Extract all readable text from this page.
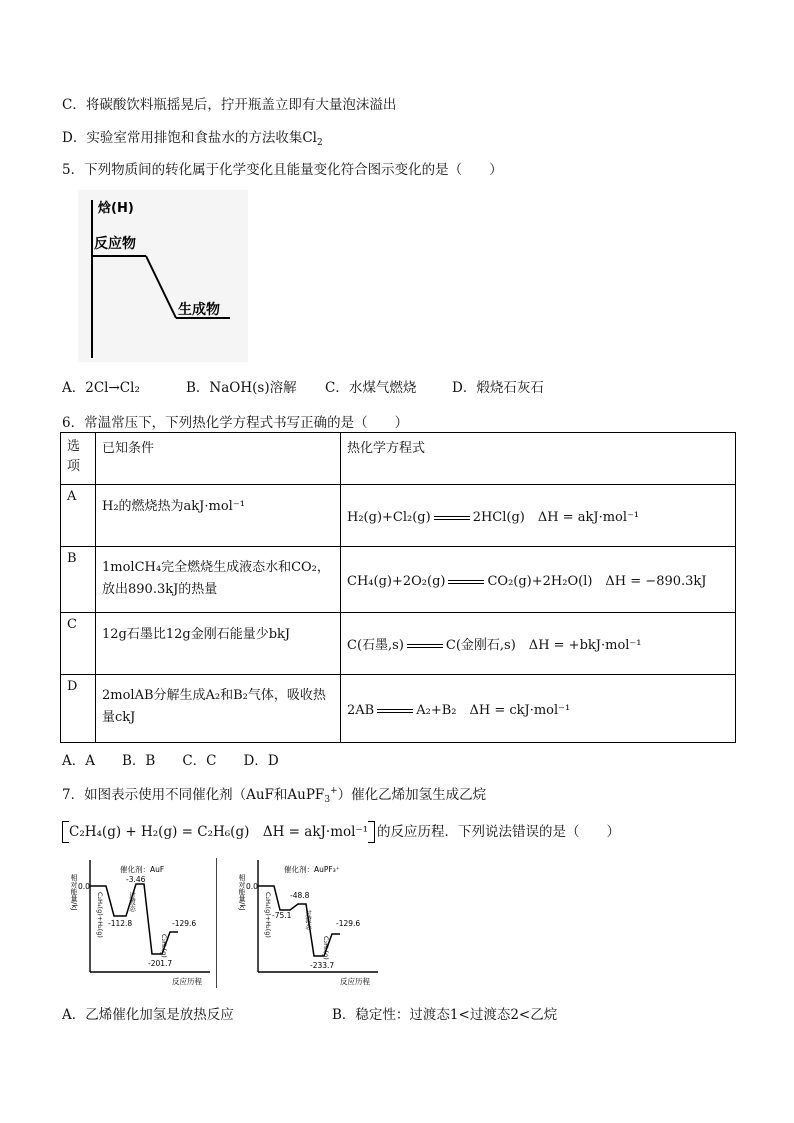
C．将碳酸饮料瓶摇晃后，拧开瓶盖立即有大量泡沫溢出
D．实验室常用排饱和食盐水的方法收集$Cl_2$
5．下列物质间的转化属于化学变化且能量变化符合图示变化的是（　　）
焓(H)
反应物
生成物
A．2Cl→Cl₂	B．NaOH(s)溶解 C．水煤气燃烧	D．煅烧石灰石
6．常温常压下，下列热化学方程式书写正确的是（　　）
选项	已知条件	热化学方程式
A	H₂的燃烧热为akJ·mol⁻¹	H₂(g)+Cl₂(g) 2HCl(g)　ΔH = akJ·mol⁻¹
B	1molCH₄完全燃烧生成液态水和CO₂，放出890.3kJ的热量	CH₄(g)+2O₂(g) CO₂(g)+2H₂O(l)　ΔH = −890.3kJ
C	12g石墨比12g金刚石能量少bkJ	C(石墨,s) C(金刚石,s)　ΔH = +bkJ·mol⁻¹
D	2molAB分解生成A₂和B₂气体，吸收热量ckJ	2AB A₂+B₂　ΔH = ckJ·mol⁻¹
A．A　　B．B　　C．C　　D．D
7．如图表示使用不同催化剂（AuF和AuPF$_3$+）催化乙烯加氢生成乙烷
C₂H₄(g) + H₂(g) = C₂H₆(g)　ΔH = akJ·mol⁻¹ 的反应历程．下列说法错误的是（　　）
相对能量/kJ
反应历程
催化剂：AuF
0.0
-112.8
-3.46
-201.7
-129.6
C₂H₄(g)+H₂(g)	过渡态
C₂H₆(g)
相对能量/kJ
反应历程
催化剂：AuPF₃⁺
0.0
-75.1
-48.8
-233.7
-129.6
C₂H₄(g)+H₂(g)	过渡态
C₂H₆(g)
A．乙烯催化加氢是放热反应	B．稳定性：过渡态1<过渡态2<乙烷
